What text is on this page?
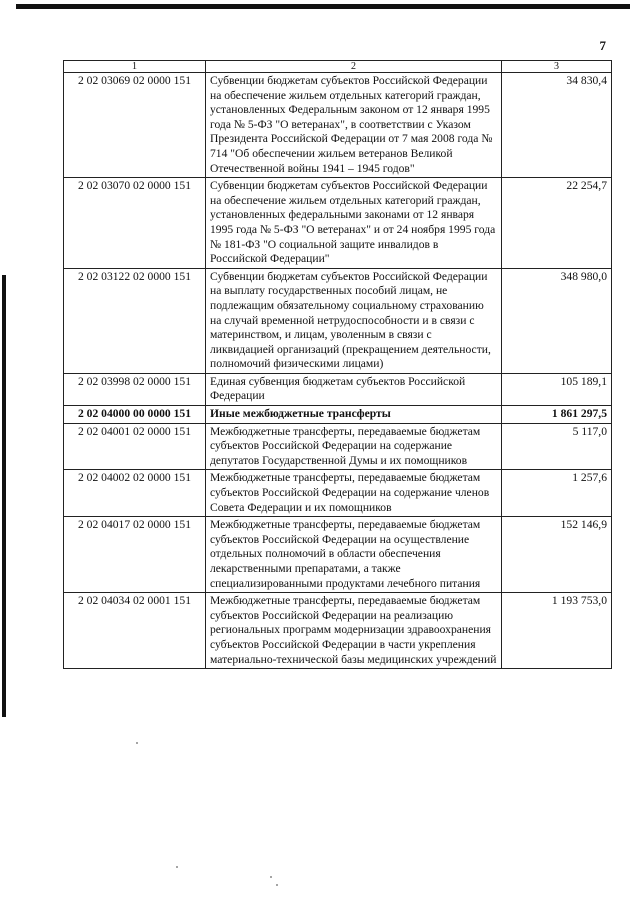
7
1	2	3
2 02 03069 02 0000 151	Субвенции бюджетам субъектов Российской Федерации на обеспечение жильем отдельных категорий граждан, установленных Федеральным законом от 12 января 1995 года № 5-ФЗ "О ветеранах", в соответствии с Указом Президента Российской Федерации от 7 мая 2008 года № 714 "Об обеспечении жильем ветеранов Великой Отечественной войны 1941 – 1945 годов"	34 830,4
2 02 03070 02 0000 151	Субвенции бюджетам субъектов Российской Федерации на обеспечение жильем отдельных категорий граждан, установленных федеральными законами от 12 января 1995 года № 5-ФЗ "О ветеранах" и от 24 ноября 1995 года № 181-ФЗ "О социальной защите инвалидов в Российской Федерации"	22 254,7
2 02 03122 02 0000 151	Субвенции бюджетам субъектов Российской Федерации на выплату государственных пособий лицам, не подлежащим обязательному социальному страхованию на случай временной нетрудоспособности и в связи с материнством, и лицам, уволенным в связи с ликвидацией организаций (прекращением деятельности, полномочий физическими лицами)	348 980,0
2 02 03998 02 0000 151	Единая субвенция бюджетам субъектов Российской Федерации	105 189,1
2 02 04000 00 0000 151	Иные межбюджетные трансферты	1 861 297,5
2 02 04001 02 0000 151	Межбюджетные трансферты, передаваемые бюджетам субъектов Российской Федерации на содержание депутатов Государственной Думы и их помощников	5 117,0
2 02 04002 02 0000 151	Межбюджетные трансферты, передаваемые бюджетам субъектов Российской Федерации на содержание членов Совета Федерации и их помощников	1 257,6
2 02 04017 02 0000 151	Межбюджетные трансферты, передаваемые бюджетам субъектов Российской Федерации на осуществление отдельных полномочий в области обеспечения лекарственными препаратами, а также специализированными продуктами лечебного питания	152 146,9
2 02 04034 02 0001 151	Межбюджетные трансферты, передаваемые бюджетам субъектов Российской Федерации на реализацию региональных программ модернизации здравоохранения субъектов Российской Федерации в части укрепления материально-технической базы медицинских учреждений	1 193 753,0
